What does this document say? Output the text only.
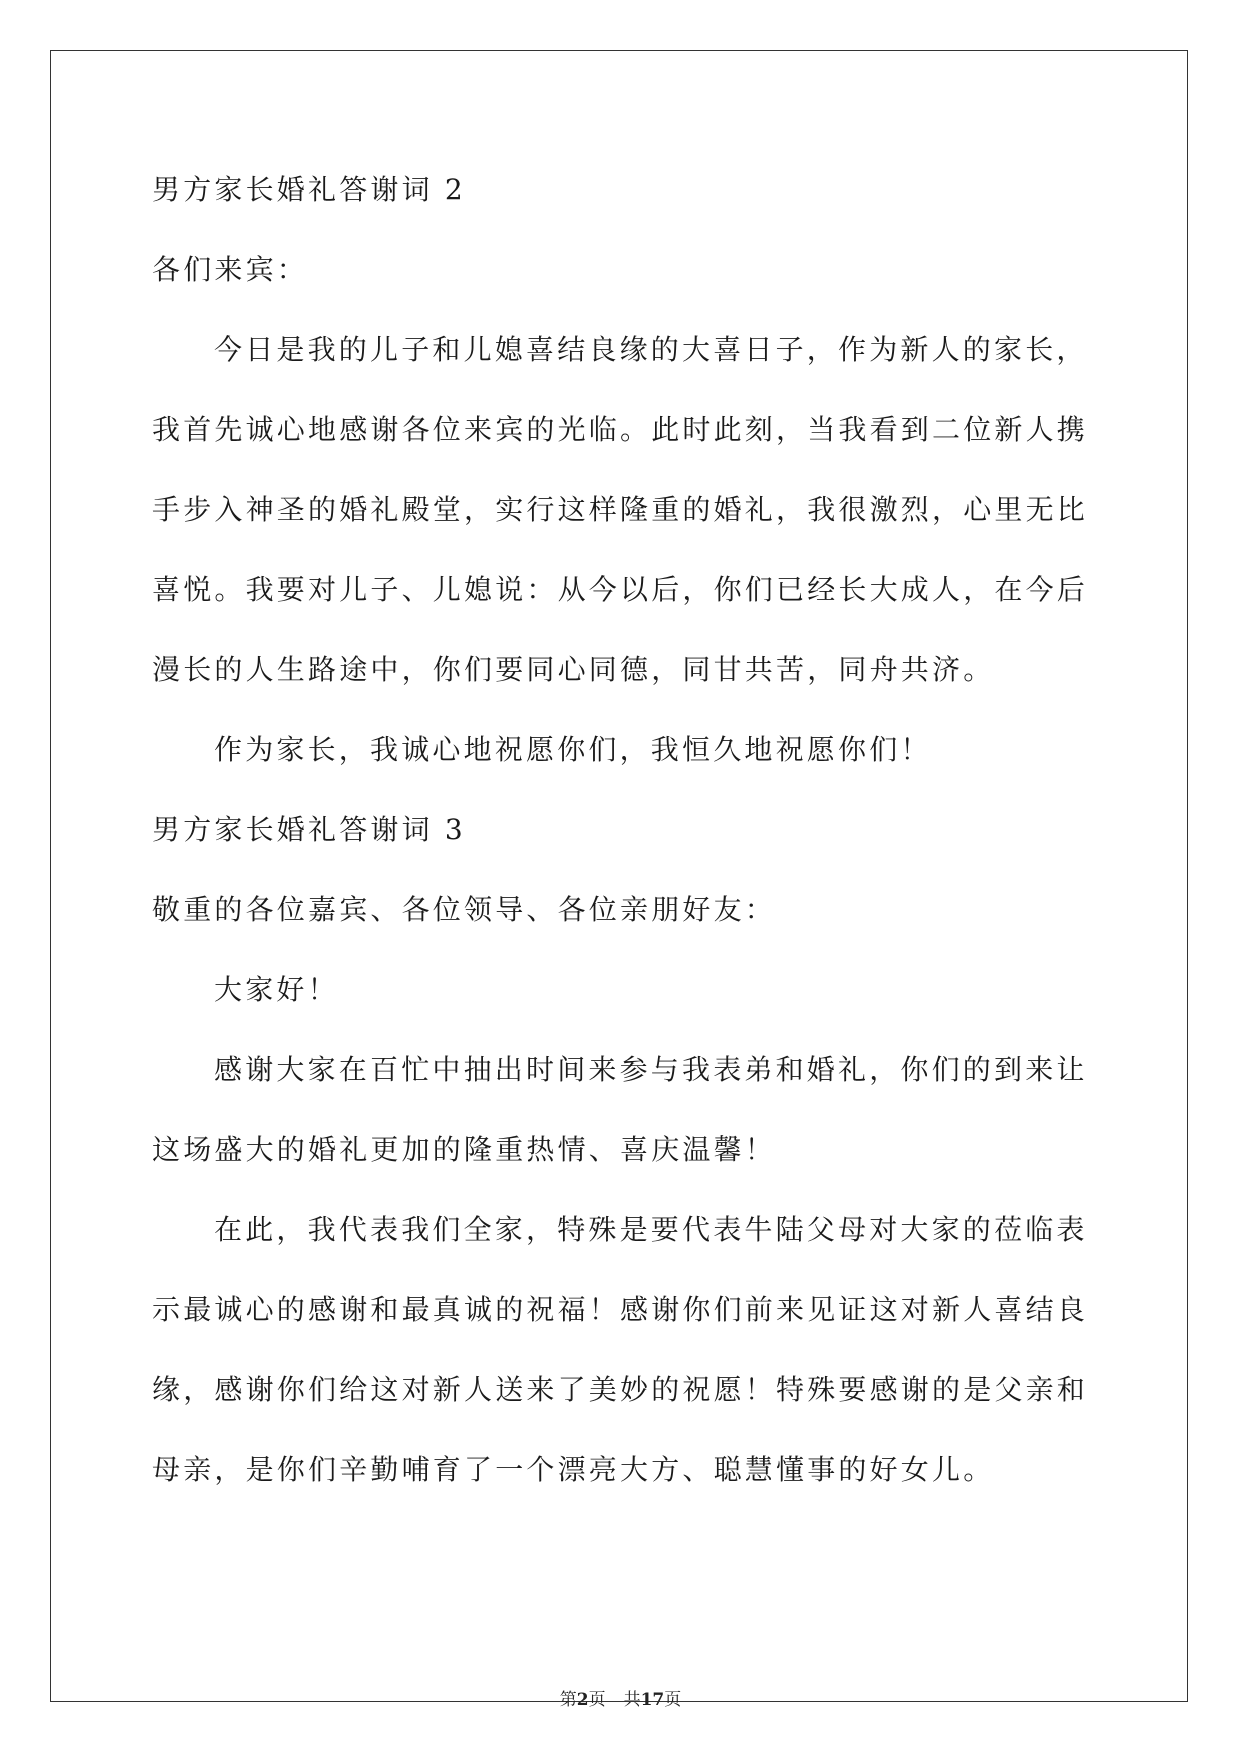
男方家长婚礼答谢词 2
各们来宾：
今日是我的儿子和儿媳喜结良缘的大喜日子，作为新人的家长，
我首先诚心地感谢各位来宾的光临。此时此刻，当我看到二位新人携
手步入神圣的婚礼殿堂，实行这样隆重的婚礼，我很激烈，心里无比
喜悦。我要对儿子、儿媳说：从今以后，你们已经长大成人，在今后
漫长的人生路途中，你们要同心同德，同甘共苦，同舟共济。
作为家长，我诚心地祝愿你们，我恒久地祝愿你们！
男方家长婚礼答谢词 3
敬重的各位嘉宾、各位领导、各位亲朋好友：
大家好！
感谢大家在百忙中抽出时间来参与我表弟和婚礼，你们的到来让
这场盛大的婚礼更加的隆重热情、喜庆温馨！
在此，我代表我们全家，特殊是要代表牛陆父母对大家的莅临表
示最诚心的感谢和最真诚的祝福！感谢你们前来见证这对新人喜结良
缘，感谢你们给这对新人送来了美妙的祝愿！特殊要感谢的是父亲和
母亲，是你们辛勤哺育了一个漂亮大方、聪慧懂事的好女儿。
第2页 共17页
